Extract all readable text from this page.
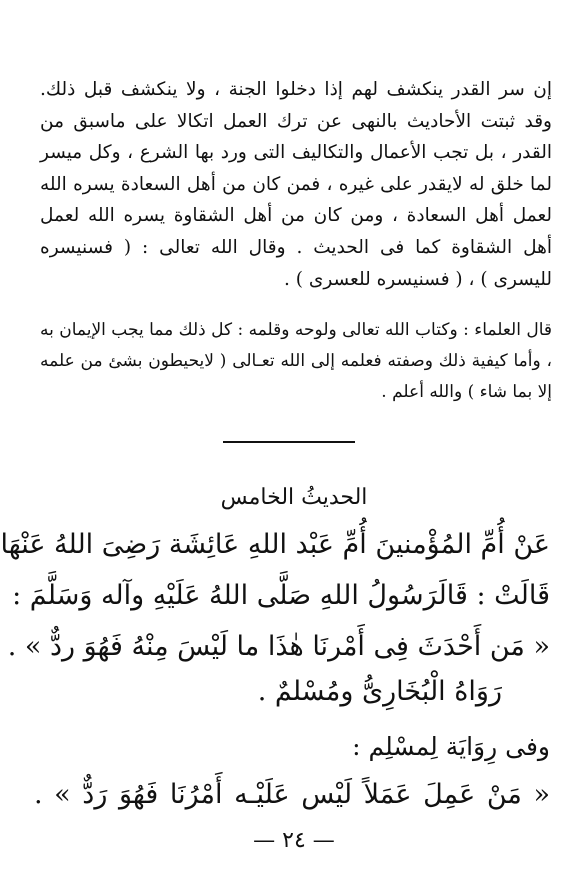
إن سر القدر ينكشف لهم إذا دخلوا الجنة ، ولا ينكشف قبل ذلك. وقد ثبتت الأحاديث بالنهى عن ترك العمل اتكالا على ماسبق من القدر ، بل تجب الأعمال والتكاليف التى ورد بها الشرع ، وكل ميسر لما خلق له لايقدر على غيره ، فمن كان من أهل السعادة يسره الله لعمل أهل السعادة ، ومن كان من أهل الشقاوة يسره الله لعمل أهل الشقاوة كما فى الحديث . وقال الله تعالى : ( فسنيسره لليسرى ) ، ( فسنيسره للعسرى ) .

قال العلماء : وكتاب الله تعالى ولوحه وقلمه : كل ذلك مما يجب الإيمان به ، وأما كيفية ذلك وصفته فعلمه إلى الله تعـالى ( لايحيطون بشئ من علمه إلا بما شاء ) والله أعلم .

الحديثُ الخامس
عَنْ أُمِّ المُؤْمنينَ أُمِّ عَبْد اللهِ عَائِشَة رَضِىَ اللهُ عَنْهَا
قَالَتْ : قَالَرَسُولُ اللهِ صَلَّى اللهُ عَلَيْهِ وآله وَسَلَّمَ :
« مَن أَحْدَثَ فِى أَمْرنَا هٰذَا ما لَيْسَ مِنْهُ فَهُوَ ردٌّ » .
رَوَاهُ الْبُخَارِىُّ ومُسْلمٌ .
وفى رِوَايَة لِمسْلِم :
« مَنْ عَمِلَ عَمَلاً لَيْس عَلَيْـه أَمْرُنَا فَهُوَ رَدٌّ » .
— ٢٤ —
